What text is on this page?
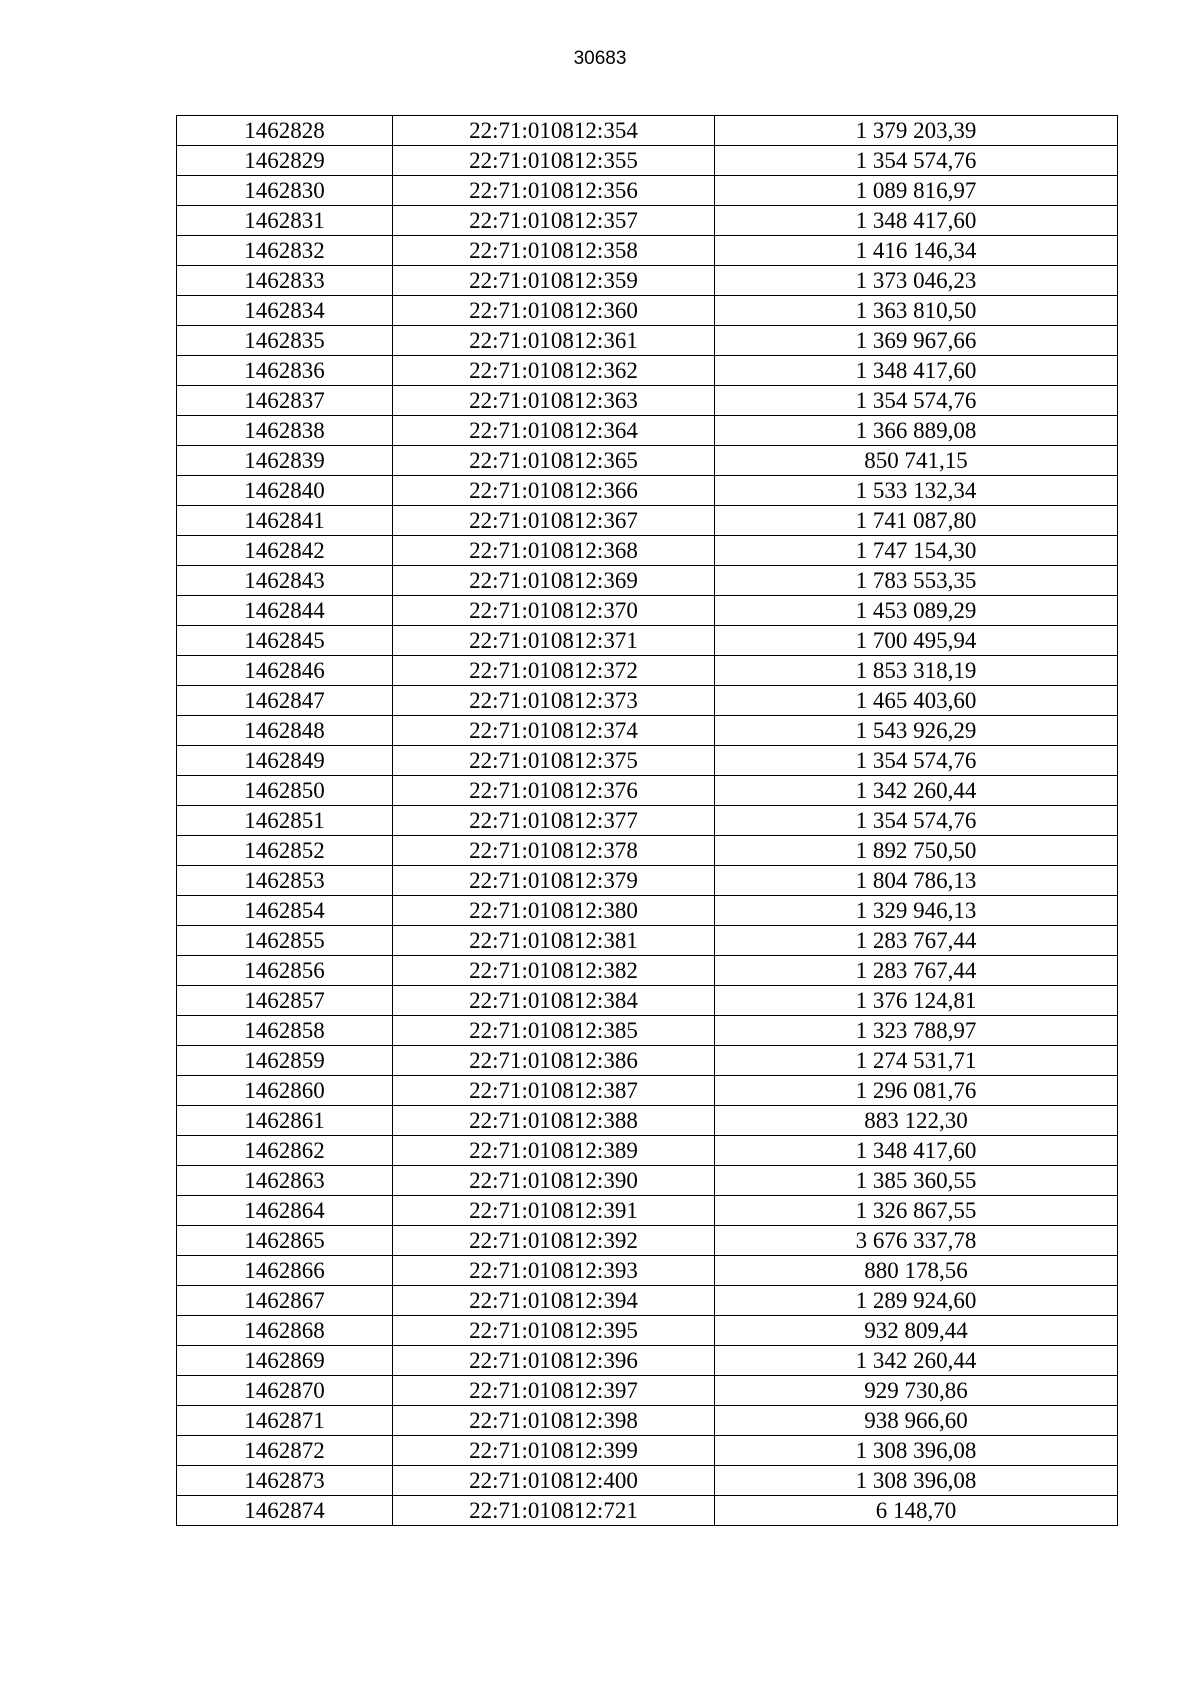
30683
1462828	22:71:010812:354	1 379 203,39
1462829	22:71:010812:355	1 354 574,76
1462830	22:71:010812:356	1 089 816,97
1462831	22:71:010812:357	1 348 417,60
1462832	22:71:010812:358	1 416 146,34
1462833	22:71:010812:359	1 373 046,23
1462834	22:71:010812:360	1 363 810,50
1462835	22:71:010812:361	1 369 967,66
1462836	22:71:010812:362	1 348 417,60
1462837	22:71:010812:363	1 354 574,76
1462838	22:71:010812:364	1 366 889,08
1462839	22:71:010812:365	850 741,15
1462840	22:71:010812:366	1 533 132,34
1462841	22:71:010812:367	1 741 087,80
1462842	22:71:010812:368	1 747 154,30
1462843	22:71:010812:369	1 783 553,35
1462844	22:71:010812:370	1 453 089,29
1462845	22:71:010812:371	1 700 495,94
1462846	22:71:010812:372	1 853 318,19
1462847	22:71:010812:373	1 465 403,60
1462848	22:71:010812:374	1 543 926,29
1462849	22:71:010812:375	1 354 574,76
1462850	22:71:010812:376	1 342 260,44
1462851	22:71:010812:377	1 354 574,76
1462852	22:71:010812:378	1 892 750,50
1462853	22:71:010812:379	1 804 786,13
1462854	22:71:010812:380	1 329 946,13
1462855	22:71:010812:381	1 283 767,44
1462856	22:71:010812:382	1 283 767,44
1462857	22:71:010812:384	1 376 124,81
1462858	22:71:010812:385	1 323 788,97
1462859	22:71:010812:386	1 274 531,71
1462860	22:71:010812:387	1 296 081,76
1462861	22:71:010812:388	883 122,30
1462862	22:71:010812:389	1 348 417,60
1462863	22:71:010812:390	1 385 360,55
1462864	22:71:010812:391	1 326 867,55
1462865	22:71:010812:392	3 676 337,78
1462866	22:71:010812:393	880 178,56
1462867	22:71:010812:394	1 289 924,60
1462868	22:71:010812:395	932 809,44
1462869	22:71:010812:396	1 342 260,44
1462870	22:71:010812:397	929 730,86
1462871	22:71:010812:398	938 966,60
1462872	22:71:010812:399	1 308 396,08
1462873	22:71:010812:400	1 308 396,08
1462874	22:71:010812:721	6 148,70
